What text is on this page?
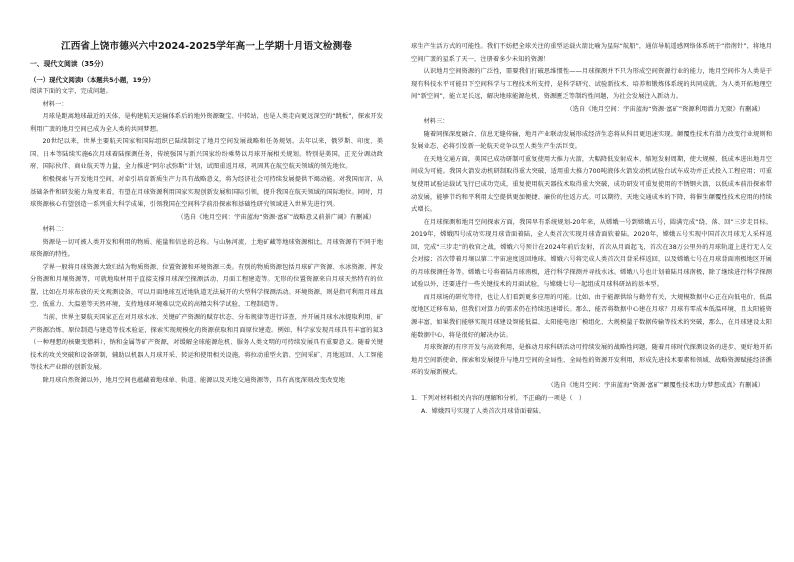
江西省上饶市德兴六中2024-2025学年高一上学期十月语文检测卷
一、现代文阅读（35分）
（一）现代文阅读Ⅰ（本题共5小题，19分）

阅读下面的文字，完成问题。

材料一：

月球是距离地球最近的天体，是构建航天运输体系后的地外资源聚宝、中转站，也是人类走向更远深空的“跳板”，探索开发利用广袤的地月空间已成为全人类的共同梦想。

20世纪以来，世界主要航天国家和国际组织已陆续制定了地月空间发展战略和任务规划。去年以来，俄罗斯、印度、美国、日本等陆续实施6次月球着陆探测任务，传统强国与新兴国家纷纷乘势以月球开展相关规划。特别是美国，正充分调动政府、国际伙伴、商业航天等力量，全力推进“阿尔忒弥斯”计划，试图重返月球，巩固其在航空航天领域的领先地位。

积极探索与开发地月空间，对牵引培育新质生产力具有战略意义，将为经济社会可持续发展提供不竭动能。对我国而言，从基础条件和研发能力角度来看，有望在月球资源利用国家实现创新发展和国际引领，提升我国在航天领域的国际地位。同时，月球资源核心有望创造一系列重大科学成果，引领我国在空间科学前沿探索和基础性研究领域进入世界先进行列。

（选自《地月空间：宇宙蓝海“资源·富矿”战略意义前景广阔》有删减）

材料二：

资源是一切可被人类开发和利用的物质、能量和信息的总称。与山脉河流、土地矿藏等地球资源相比，月球资源有不同于地球资源的特性。

学界一般将月球资源大致归结为物质资源、位置资源和环境资源三类。有别的物质资源包括月球矿产资源、水冰资源、挥发分资源和月壤资源等，可就地取材用于直接支撑月球深空探测活动、月面工程建造等。无形的位置资源来自月球天然特有的位置，比如在月球布放的天文观测设备，可以月面地球互近地轨道无法展开的大型科学探测活动。环境资源，则是指可利用月球真空、低重力、大温差等天然环境，支持地球环境难以完成的高精尖科学试验、工程制造等。

当前，世界主要航天国家正在对月球水冰、关键矿产资源的赋存状态、分布规律等进行详查，并开展月球水冰提取利用、矿产资源冶炼、原位制造与建造等技术验证，探索实现规模化的资源获取和月面原位建造。例如，科学家发现月球具有丰富的氦3（一种理想的核聚变燃料），钠和金属等矿产资源，对缓解全球能源危机、服务人类文明的可持续发展具有重要意义。随着关键技术的攻关突破和设备研制，辅助以机器人月球开采、转运和使用相关设施，将拉动重型火箭、空间采矿、月地返回、人工智能等技术产业群的创新发展。

除月球自然资源以外，地月空间也蕴藏着地球单、轨道、能源以及天地交通资源等，具有高度深刻改变改变地

球生产生活方式的可能性。我们不妨把全球关注的重型运载火箭比喻为星际“航船”，通信导航遥感网络体系统于“指南针”，将地月空间广袤的星系了天一，注册着多少未知的资源！

认识地月空间资源的广泛性，需要我们打破思维惯性——月球探测并不只为形成空间资源行业的能力，地月空间作为人类是于现有科技水平可能目下空间科学与工程技术所支持，是科学研究、试验新技术、培养和锻炼体系统的共同成就，为人类开拓地理空间“新空间”，能立足长远，解决地球能源危机、资源匮乏等制约性问题，为社会发展注入新动力。

（选自《地月空间：宇宙蓝海“资源·富矿”资源利用潜力无限》有删减）

材料三：

随着同探深度融合、信息无缝传输，地月产业联动发展形成经济生态将从科目更迅速实现。颠覆性技术有潜力改变行业规则和发展业态，必将引发新一轮航天竞争以至人类生产生活巨变。

在天地交通方面，美国已成功研制可重复使用大推力火箭，大幅降低发射成本、缩短发射周期，使大规模、低成本进出地月空间成为可能。我国火箭发动机研制取得重大突破，适用重大推力700吨液体火箭发动机试验台试车成功并正式投入工程应用；可重复使用试验运载试飞行已成功完成，重复使用航天器技术取得重大突破，成功研发可重复使用的不锈钢火箭，以低成本前沿探索带动发展，能够节约和平利用太空提供更加便捷、廉价的往返方式。可以期待，天地交通成本的下降，将催生颠覆性技术应用的持续式增长。

在月球探测和地月空间探索方面，我国早有系统规划-20年来，从嫦娥一号到嫦娥五号，圆满完成“绕、落、回”三步走目标。2019年，嫦娥四号成功实现月球背面着陆，全人类首次实现月球背面软着陆。2020年，嫦娥五号实现中国首次月球无人采样返回，完成“三步走”的收官之战，嫦娥六号预计在2024年前后发射，首次从月面起飞，首次在38万公里外的月球轨道上进行无人交会对接；首次带着月壤以第二宇宙速度返回地球。嫦娥六号将完成人类首次月背采样返回，以及嫦娥七号在月球背面南极地区开展的月球探测任务等。嫦娥七号将着陆月球南极，进行科学探测并寻找水冰。嫦娥八号也计划着陆月球南极，除了继续进行科学探测试验以外，还要进行一些关键技术的月面试验，与嫦娥七号一起组成月球科研站的基本型。

而月球场的研究等待，也让人们看到更多应用的可能。比如，由于能源供给与勤劳有关，大规模数据中心正在向低电价、低温度地区迁移布局，但我们对算力的需求仍在持续迅速增长。那么，能否将数据中心建在月球？月球有零成本低温环境，且太阳能资源丰富，如果我们能够实现月球建设智能低温、太阳能电池厂模组化、大规模量子数据传输等技术的突破，那么，在月球建设太阳能数据中心，将是很好的解决办法。

月球资源的有序开发与高效利用，是推动月球科研活动可持续发展的战略性问题，随着月球时代探测设备的进步，更好地开拓地月空间新使命，探索和发展提升与地月空间的全局性、全局性的资源开发利用，形成先进技术要素和领域、战略资源赋能经济循环的发展新模式。

（选自《地月空间：宇宙蓝海“资源·富矿”颠覆性技术助力梦想成真》有删减）

1．下列对材料相关内容的理解和分析，不正确的一项是（　）

A．嫦娥四号实现了人类首次月球背面着陆。
